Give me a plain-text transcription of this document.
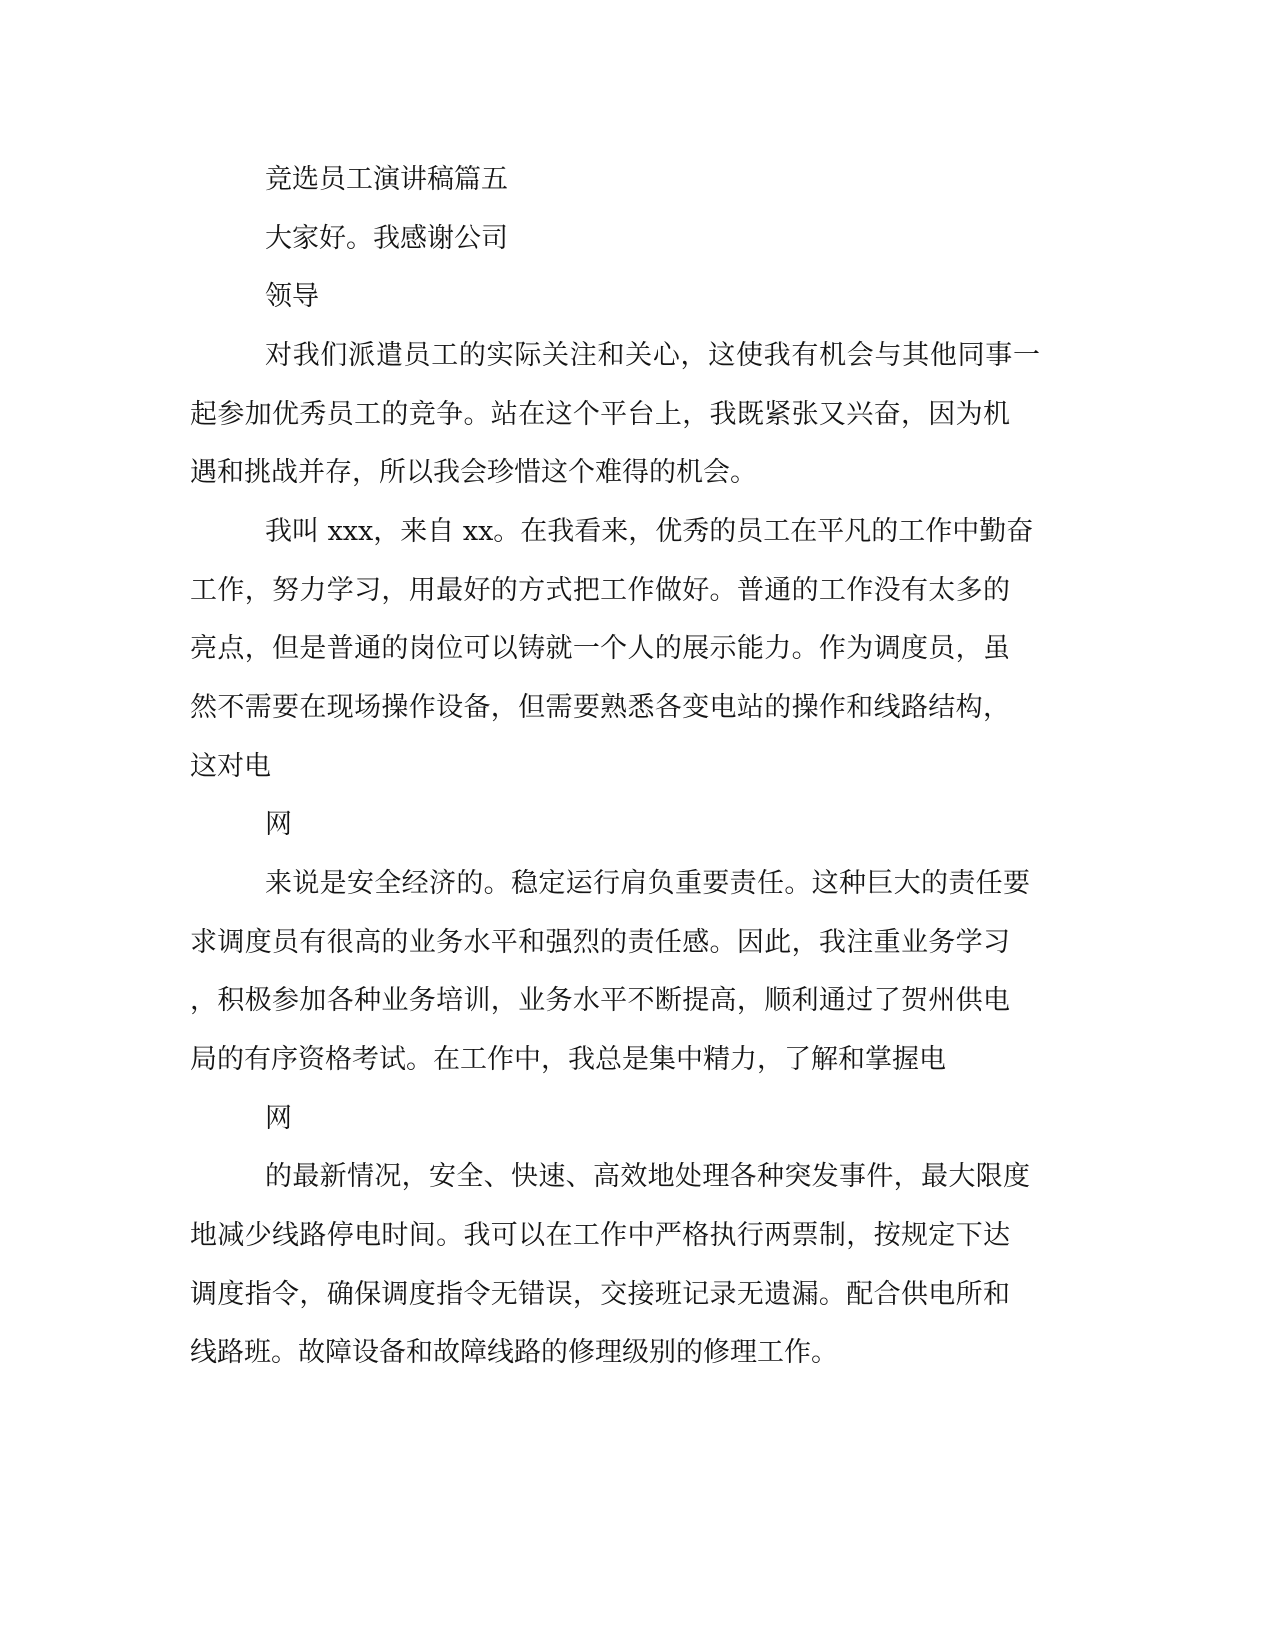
竞选员工演讲稿篇五
大家好。我感谢公司
领导
对我们派遣员工的实际关注和关心，这使我有机会与其他同事一
起参加优秀员工的竞争。站在这个平台上，我既紧张又兴奋，因为机
遇和挑战并存，所以我会珍惜这个难得的机会。
我叫 xxx，来自 xx。在我看来，优秀的员工在平凡的工作中勤奋
工作，努力学习，用最好的方式把工作做好。普通的工作没有太多的
亮点，但是普通的岗位可以铸就一个人的展示能力。作为调度员，虽
然不需要在现场操作设备，但需要熟悉各变电站的操作和线路结构，
这对电
网
来说是安全经济的。稳定运行肩负重要责任。这种巨大的责任要
求调度员有很高的业务水平和强烈的责任感。因此，我注重业务学习
，积极参加各种业务培训，业务水平不断提高，顺利通过了贺州供电
局的有序资格考试。在工作中，我总是集中精力，了解和掌握电
网
的最新情况，安全、快速、高效地处理各种突发事件，最大限度
地减少线路停电时间。我可以在工作中严格执行两票制，按规定下达
调度指令，确保调度指令无错误，交接班记录无遗漏。配合供电所和
线路班。故障设备和故障线路的修理级别的修理工作。
